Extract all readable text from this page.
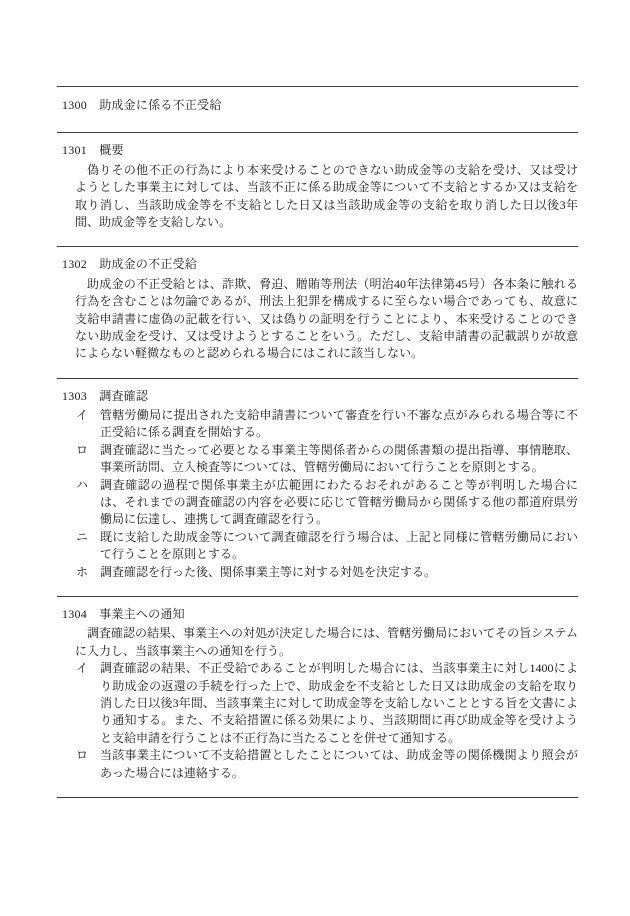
1300　助成金に係る不正受給
1301　概要

偽りその他不正の行為により本来受けることのできない助成金等の支給を受け、又は受けようとした事業主に対しては、当該不正に係る助成金等について不支給とするか又は支給を取り消し、当該助成金等を不支給とした日又は当該助成金等の支給を取り消した日以後3年間、助成金等を支給しない。

1302　助成金の不正受給

助成金の不正受給とは、詐欺、脅迫、贈賄等刑法（明治40年法律第45号）各本条に触れる行為を含むことは勿論であるが、刑法上犯罪を構成するに至らない場合であっても、故意に支給申請書に虚偽の記載を行い、又は偽りの証明を行うことにより、本来受けることのできない助成金を受け、又は受けようとすることをいう。ただし、支給申請書の記載誤りが故意によらない軽微なものと認められる場合にはこれに該当しない。

1303　調査確認
イ 管轄労働局に提出された支給申請書について審査を行い不審な点がみられる場合等に不正受給に係る調査を開始する。
ロ 調査確認に当たって必要となる事業主等関係者からの関係書類の提出指導、事情聴取、事業所訪問、立入検査等については、管轄労働局において行うことを原則とする。
ハ 調査確認の過程で関係事業主が広範囲にわたるおそれがあること等が判明した場合には、それまでの調査確認の内容を必要に応じて管轄労働局から関係する他の都道府県労働局に伝達し、連携して調査確認を行う。
ニ 既に支給した助成金等について調査確認を行う場合は、上記と同様に管轄労働局において行うことを原則とする。
ホ 調査確認を行った後、関係事業主等に対する対処を決定する。
1304　事業主への通知

調査確認の結果、事業主への対処が決定した場合には、管轄労働局においてその旨システムに入力し、当該事業主への通知を行う。

イ 調査確認の結果、不正受給であることが判明した場合には、当該事業主に対し1400により助成金の返還の手続を行った上で、助成金を不支給とした日又は助成金の支給を取り消した日以後3年間、当該事業主に対して助成金等を支給しないこととする旨を文書により通知する。また、不支給措置に係る効果により、当該期間に再び助成金等を受けようと支給申請を行うことは不正行為に当たることを併せて通知する。
ロ 当該事業主について不支給措置としたことについては、助成金等の関係機関より照会があった場合には連絡する。
